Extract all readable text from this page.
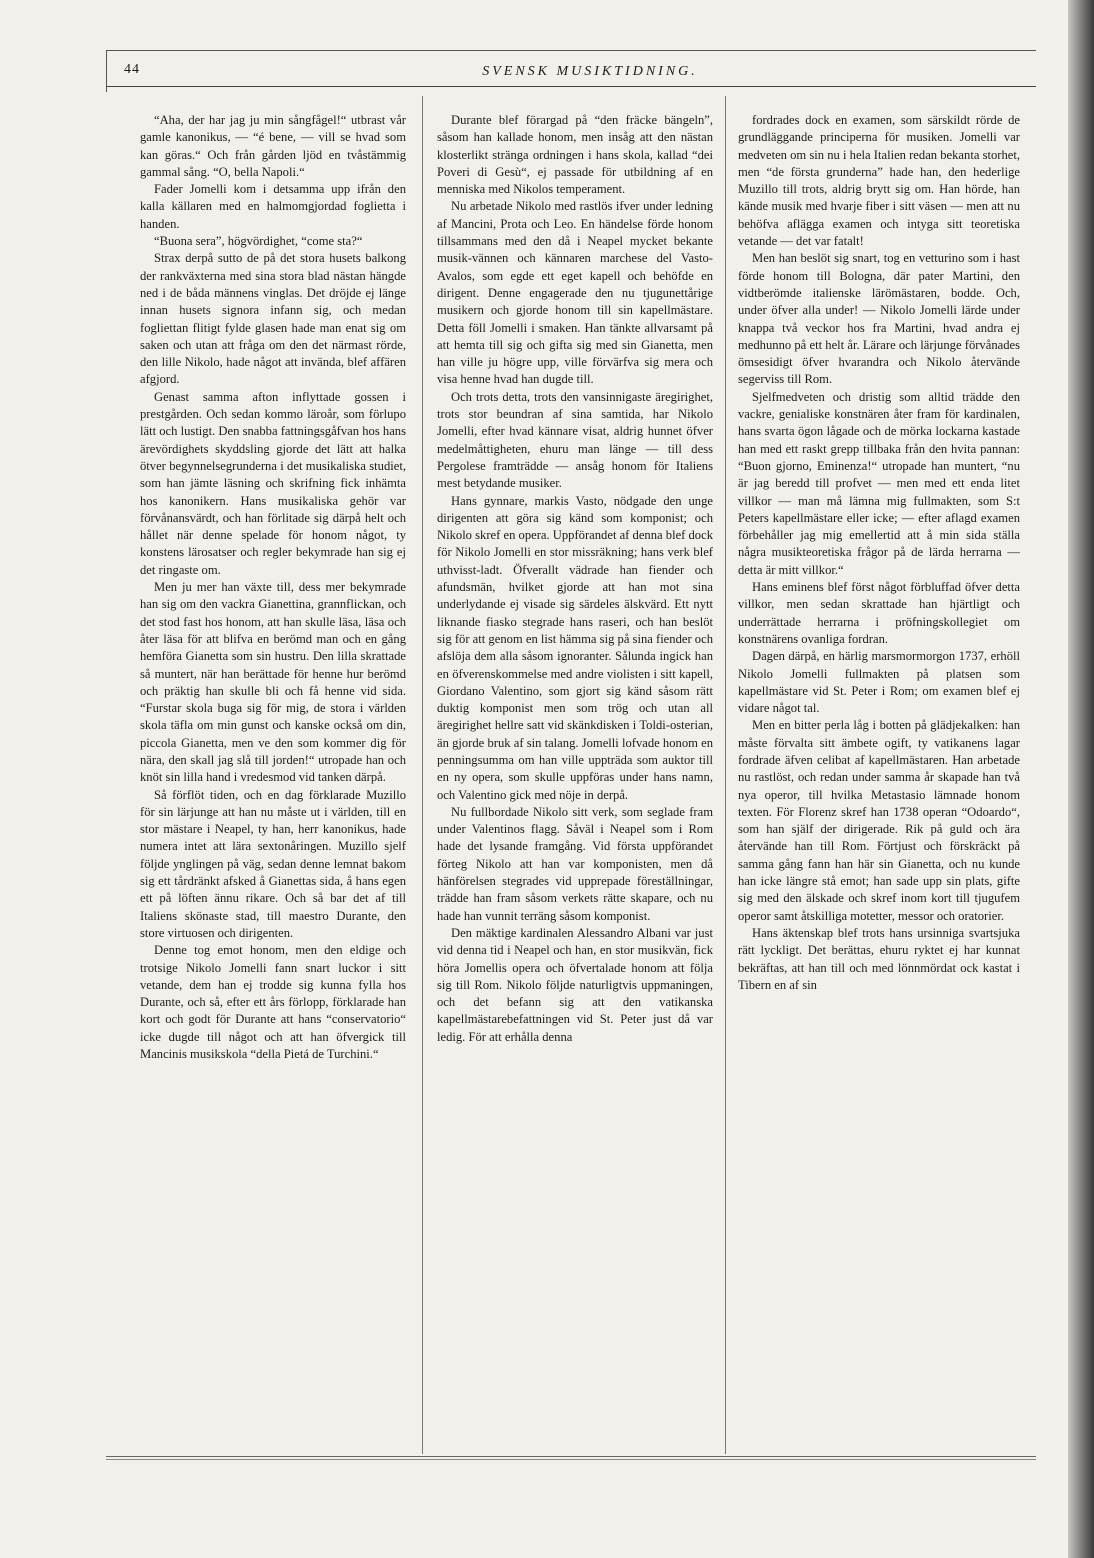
44	SVENSK MUSIKTIDNING.

“Aha, der har jag ju min sångfågel!“ utbrast vår gamle kanonikus, — “é bene, — vill se hvad som kan göras.“ Och från gården ljöd en tvåstämmig gammal sång. “O, bella Napoli.“

Fader Jomelli kom i detsamma upp ifrån den kalla källaren med en halmomgjordad foglietta i handen.

“Buona sera”, högvördighet, “come sta?“

Strax derpå sutto de på det stora husets balkong der rankväxterna med sina stora blad nästan hängde ned i de båda männens vinglas. Det dröjde ej länge innan husets signora infann sig, och medan fogliettan flitigt fylde glasen hade man enat sig om saken och utan att fråga om den det närmast rörde, den lille Nikolo, hade något att invända, blef affären afgjord.

Genast samma afton inflyttade gossen i prestgården. Och sedan kommo läroår, som förlupo lätt och lustigt. Den snabba fattningsgåfvan hos hans ärevördighets skyddsling gjorde det lätt att halka ötver begynnelsegrunderna i det musikaliska studiet, som han jämte läsning och skrifning fick inhämta hos kanonikern. Hans musikaliska gehör var förvånansvärdt, och han förlitade sig därpå helt och hållet när denne spelade för honom något, ty konstens lärosatser och regler bekymrade han sig ej det ringaste om.

Men ju mer han växte till, dess mer bekymrade han sig om den vackra Gianettina, grannflickan, och det stod fast hos honom, att han skulle läsa, läsa och åter läsa för att blifva en berömd man och en gång hemföra Gianetta som sin hustru. Den lilla skrattade så muntert, när han berättade för henne hur berömd och präktig han skulle bli och få henne vid sida. “Furstar skola buga sig för mig, de stora i världen skola täfla om min gunst och kanske också om din, piccola Gianetta, men ve den som kommer dig för nära, den skall jag slå till jorden!“ utropade han och knöt sin lilla hand i vredesmod vid tanken därpå.

Så förflöt tiden, och en dag förklarade Muzillo för sin lärjunge att han nu måste ut i världen, till en stor mästare i Neapel, ty han, herr kanonikus, hade numera intet att lära sextonåringen. Muzillo sjelf följde ynglingen på väg, sedan denne lemnat bakom sig ett tårdränkt afsked å Gianettas sida, å hans egen ett på löften ännu rikare. Och så bar det af till Italiens skönaste stad, till maestro Durante, den store virtuosen och dirigenten.

Denne tog emot honom, men den eldige och trotsige Nikolo Jomelli fann snart luckor i sitt vetande, dem han ej trodde sig kunna fylla hos Durante, och så, efter ett års förlopp, förklarade han kort och godt för Durante att hans “conservatorio“ icke dugde till något och att han öfvergick till Mancinis musikskola “della Pietá de Turchini.“

Durante blef förargad på “den fräcke bängeln”, såsom han kallade honom, men insåg att den nästan klosterlikt stränga ordningen i hans skola, kallad “dei Poveri di Gesù“, ej passade för utbildning af en menniska med Nikolos temperament.

Nu arbetade Nikolo med rastlös ifver under ledning af Mancini, Prota och Leo. En händelse förde honom tillsammans med den då i Neapel mycket bekante musik-vännen och kännaren marchese del Vasto-Avalos, som egde ett eget kapell och behöfde en dirigent. Denne engagerade den nu tjugunettårige musikern och gjorde honom till sin kapellmästare. Detta föll Jomelli i smaken. Han tänkte allvarsamt på att hemta till sig och gifta sig med sin Gianetta, men han ville ju högre upp, ville förvärfva sig mera och visa henne hvad han dugde till.

Och trots detta, trots den vansinnigaste äregirighet, trots stor beundran af sina samtida, har Nikolo Jomelli, efter hvad kännare visat, aldrig hunnet öfver medelmåttigheten, ehuru man länge — till dess Pergolese framträdde — ansåg honom för Italiens mest betydande musiker.

Hans gynnare, markis Vasto, nödgade den unge dirigenten att göra sig känd som komponist; och Nikolo skref en opera. Uppförandet af denna blef dock för Nikolo Jomelli en stor missräkning; hans verk blef uthvisst-ladt. Öfverallt vädrade han fiender och afundsmän, hvilket gjorde att han mot sina underlydande ej visade sig särdeles älskvärd. Ett nytt liknande fiasko stegrade hans raseri, och han beslöt sig för att genom en list hämma sig på sina fiender och afslöja dem alla såsom ignoranter. Sålunda ingick han en öfverenskommelse med andre violisten i sitt kapell, Giordano Valentino, som gjort sig känd såsom rätt duktig komponist men som trög och utan all äregirighet hellre satt vid skänkdisken i Toldi-osterian, än gjorde bruk af sin talang. Jomelli lofvade honom en penningsumma om han ville uppträda som auktor till en ny opera, som skulle uppföras under hans namn, och Valentino gick med nöje in derpå.

Nu fullbordade Nikolo sitt verk, som seglade fram under Valentinos flagg. Såväl i Neapel som i Rom hade det lysande framgång. Vid första uppförandet förteg Nikolo att han var komponisten, men då hänförelsen stegrades vid upprepade föreställningar, trädde han fram såsom verkets rätte skapare, och nu hade han vunnit terräng såsom komponist.

Den mäktige kardinalen Alessandro Albani var just vid denna tid i Neapel och han, en stor musikvän, fick höra Jomellis opera och öfvertalade honom att följa sig till Rom. Nikolo följde naturligtvis uppmaningen, och det befann sig att den vatikanska kapellmästarebefattningen vid St. Peter just då var ledig. För att erhålla denna

fordrades dock en examen, som särskildt rörde de grundläggande principerna för musiken. Jomelli var medveten om sin nu i hela Italien redan bekanta storhet, men “de första grunderna” hade han, den hederlige Muzillo till trots, aldrig brytt sig om. Han hörde, han kände musik med hvarje fiber i sitt väsen — men att nu behöfva aflägga examen och intyga sitt teoretiska vetande — det var fatalt!

Men han beslöt sig snart, tog en vetturino som i hast förde honom till Bologna, där pater Martini, den vidtberömde italienske lärömästaren, bodde. Och, under öfver alla under! — Nikolo Jomelli lärde under knappa två veckor hos fra Martini, hvad andra ej medhunno på ett helt år. Lärare och lärjunge förvånades ömsesidigt öfver hvarandra och Nikolo återvände segerviss till Rom.

Sjelfmedveten och dristig som alltid trädde den vackre, genialiske konstnären åter fram för kardinalen, hans svarta ögon lågade och de mörka lockarna kastade han med ett raskt grepp tillbaka från den hvita pannan: “Buon gjorno, Eminenza!“ utropade han muntert, “nu är jag beredd till profvet — men med ett enda litet villkor — man må lämna mig fullmakten, som S:t Peters kapellmästare eller icke; — efter aflagd examen förbehåller jag mig emellertid att å min sida ställa några musikteoretiska frågor på de lärda herrarna — detta är mitt villkor.“

Hans eminens blef först något förbluffad öfver detta villkor, men sedan skrattade han hjärtligt och underrättade herrarna i pröfningskollegiet om konstnärens ovanliga fordran.

Dagen därpå, en härlig marsmormorgon 1737, erhöll Nikolo Jomelli fullmakten på platsen som kapellmästare vid St. Peter i Rom; om examen blef ej vidare något tal.

Men en bitter perla låg i botten på glädjekalken: han måste förvalta sitt ämbete ogift, ty vatikanens lagar fordrade äfven celibat af kapellmästaren. Han arbetade nu rastlöst, och redan under samma år skapade han två nya operor, till hvilka Metastasio lämnade honom texten. För Florenz skref han 1738 operan “Odoardo“, som han själf der dirigerade. Rik på guld och ära återvände han till Rom. Förtjust och förskräckt på samma gång fann han här sin Gianetta, och nu kunde han icke längre stå emot; han sade upp sin plats, gifte sig med den älskade och skref inom kort till tjugufem operor samt åtskilliga motetter, messor och oratorier.

Hans äktenskap blef trots hans ursinniga svartsjuka rätt lyckligt. Det berättas, ehuru ryktet ej har kunnat bekräftas, att han till och med lönnmördat ock kastat i Tibern en af sin
